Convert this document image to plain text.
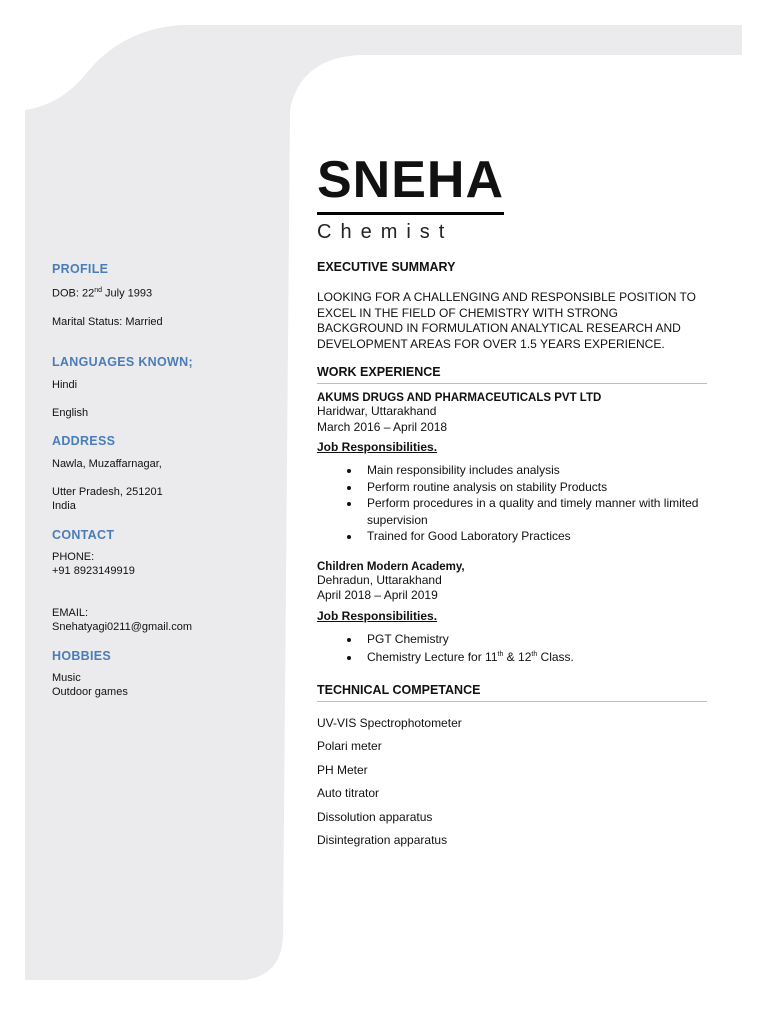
PROFILE

DOB: 22nd July 1993

Marital Status: Married

LANGUAGES KNOWN;

Hindi

English

ADDRESS

Nawla, Muzaffarnagar,

Utter Pradesh, 251201

India

CONTACT

PHONE:

+91 8923149919

EMAIL:

Snehatyagi0211@gmail.com

HOBBIES

Music

Outdoor games

SNEHA

Chemist

EXECUTIVE SUMMARY

LOOKING FOR A CHALLENGING AND RESPONSIBLE POSITION TO EXCEL IN THE FIELD OF CHEMISTRY WITH STRONG BACKGROUND IN FORMULATION ANALYTICAL RESEARCH AND DEVELOPMENT AREAS FOR OVER 1.5 YEARS EXPERIENCE.

WORK EXPERIENCE

AKUMS DRUGS AND PHARMACEUTICALS PVT LTD

Haridwar, Uttarakhand

March 2016 – April 2018

Job Responsibilities.

• Main responsibility includes analysis
• Perform routine analysis on stability Products
• Perform procedures in a quality and timely manner with limited supervision
• Trained for Good Laboratory Practices

Children Modern Academy,

Dehradun, Uttarakhand

April 2018 – April 2019

Job Responsibilities.

• PGT Chemistry
• Chemistry Lecture for 11th & 12th Class.

TECHNICAL COMPETANCE

UV-VIS Spectrophotometer

Polari meter

PH Meter

Auto titrator

Dissolution apparatus

Disintegration apparatus
